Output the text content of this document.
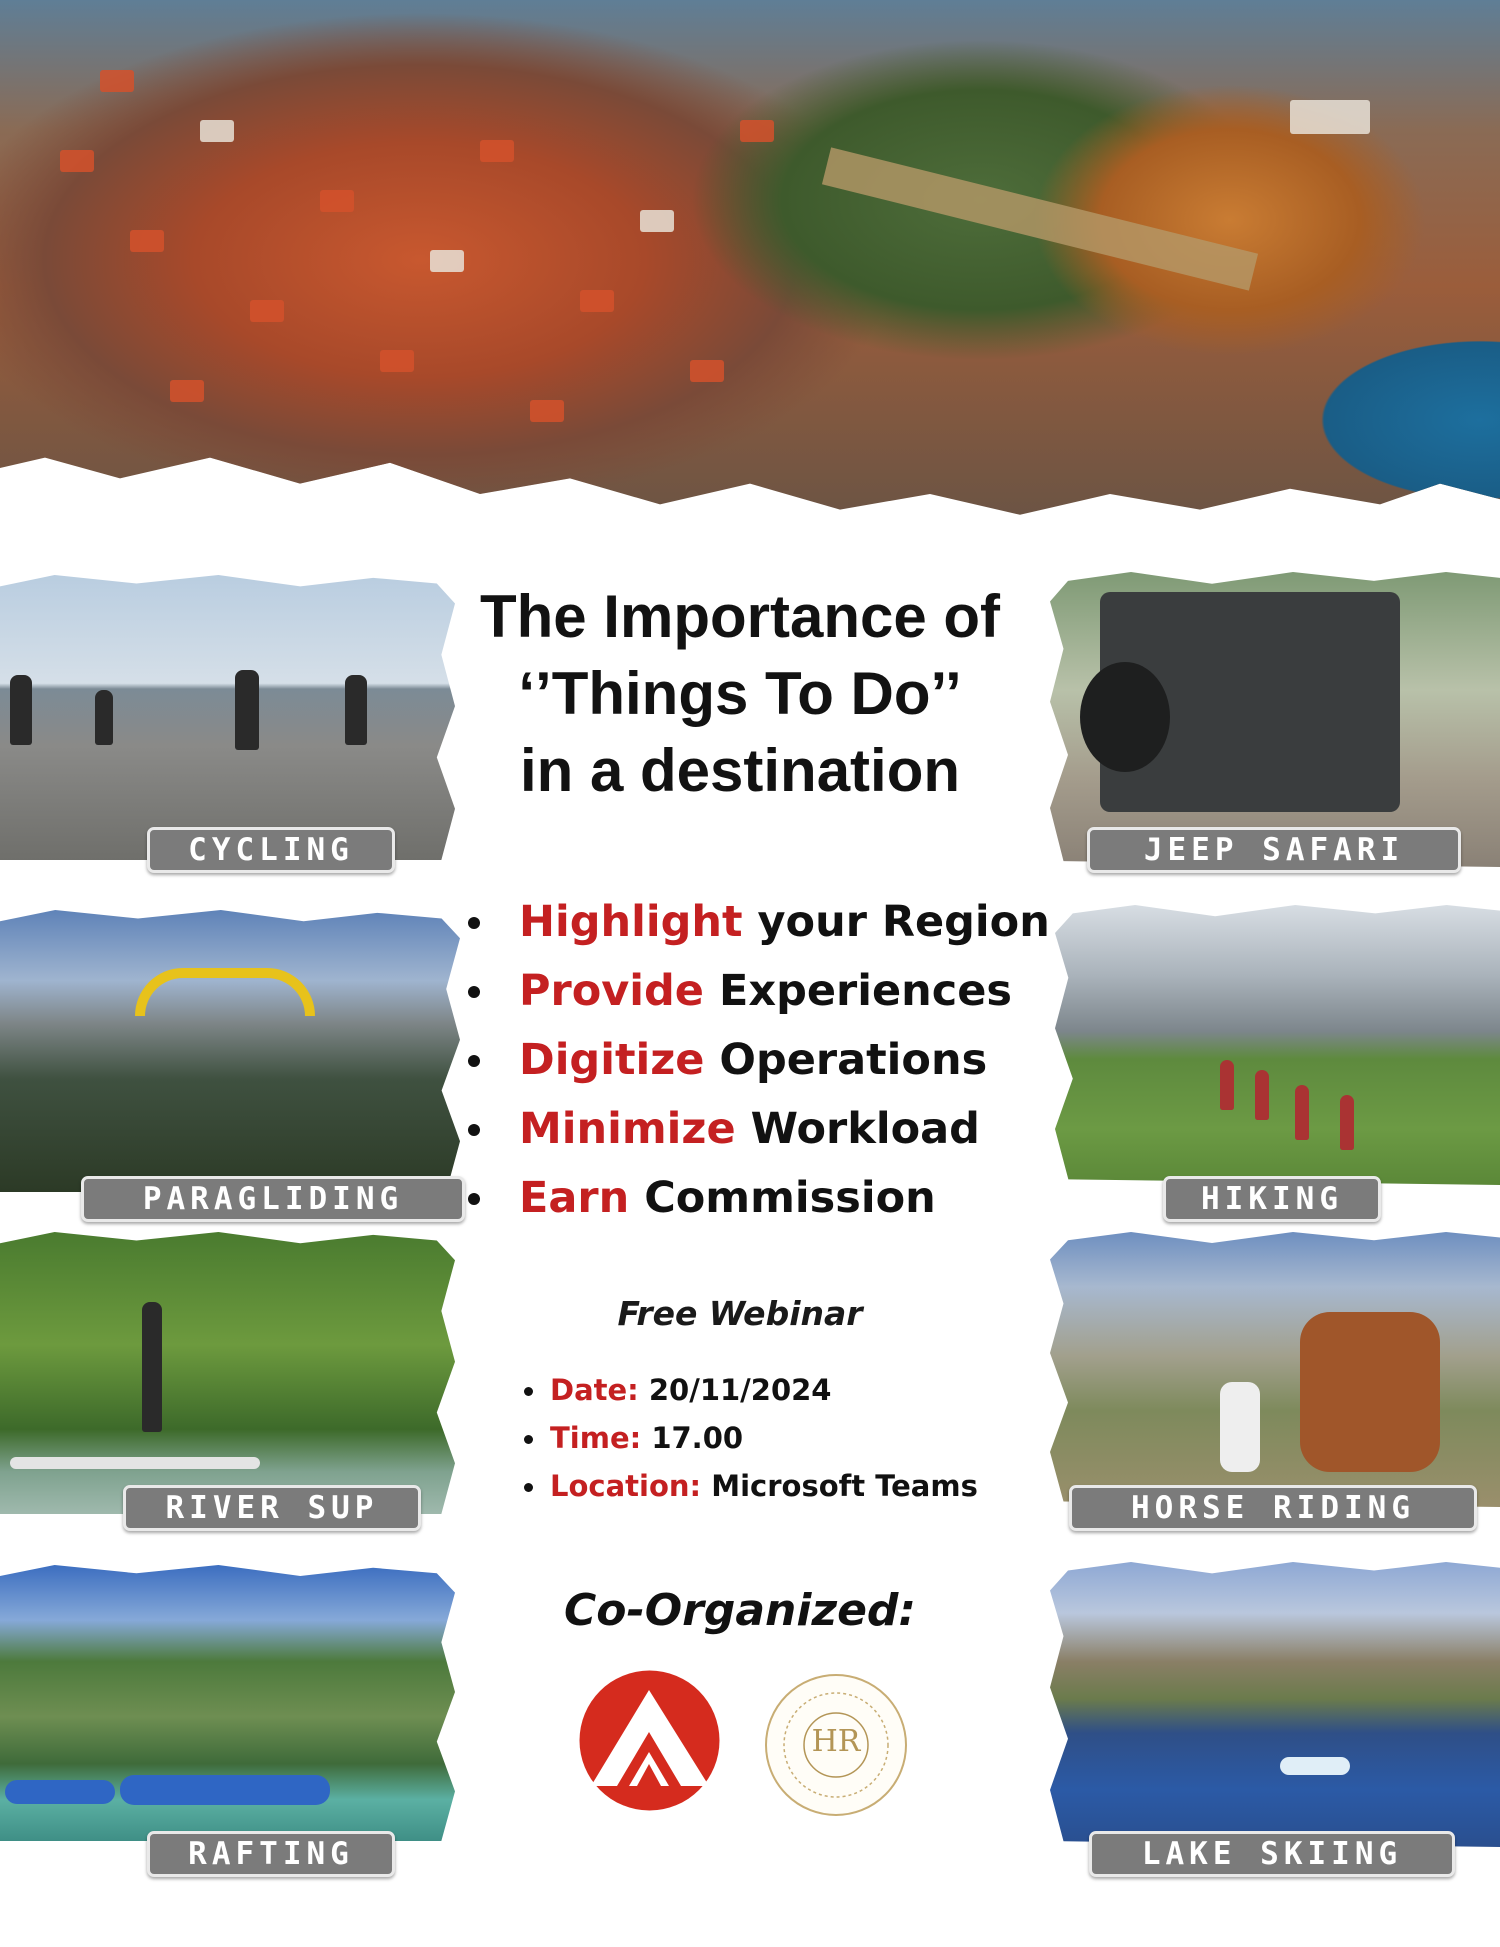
CYCLING
PARAGLIDING
RIVER SUP
RAFTING
JEEP SAFARI
HIKING
HORSE RIDING
LAKE SKIING
The Importance of
‘’Things To Do’’
in a destination
Highlight your Region
Provide Experiences
Digitize Operations
Minimize Workload
Earn Commission
Free Webinar
Date: 20/11/2024
Time: 17.00
Location: Microsoft Teams
Co-Organized:
HR
